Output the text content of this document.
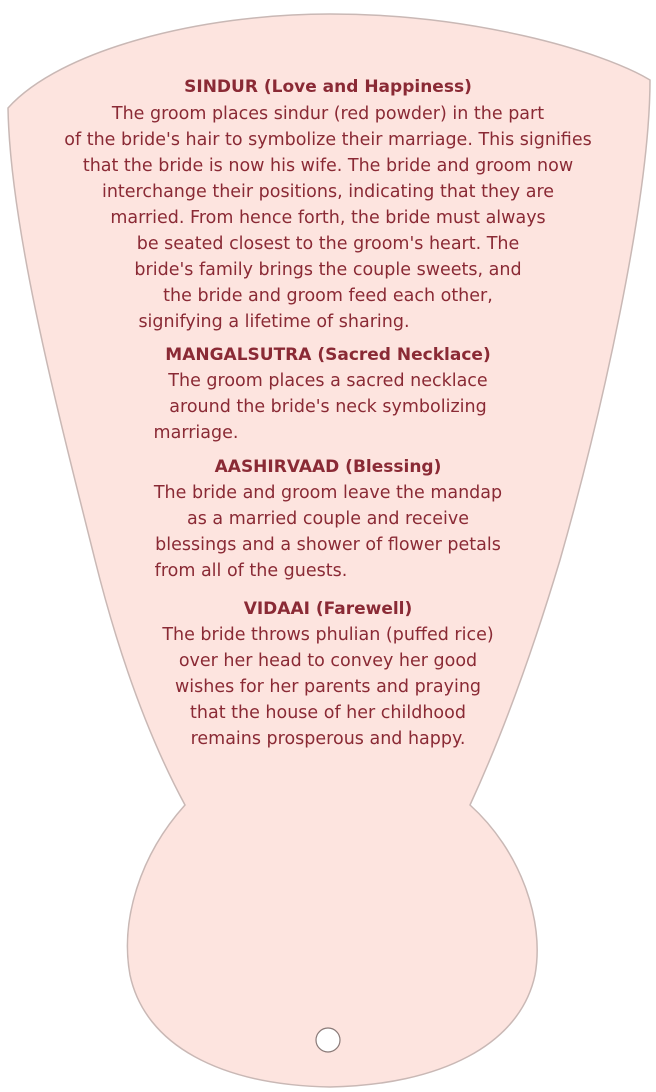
SINDUR (Love and Happiness)
The groom places sindur (red powder) in the part
of the bride's hair to symbolize their marriage. This signifies
that the bride is now his wife. The bride and groom now
interchange their positions, indicating that they are
married. From hence forth, the bride must always
be seated closest to the groom's heart. The
bride's family brings the couple sweets, and
the bride and groom feed each other,
signifying a lifetime of sharing.
MANGALSUTRA (Sacred Necklace)
The groom places a sacred necklace
around the bride's neck symbolizing
marriage.
AASHIRVAAD (Blessing)
The bride and groom leave the mandap
as a married couple and receive
blessings and a shower of flower petals
from all of the guests.
VIDAAI (Farewell)
The bride throws phulian (puffed rice)
over her head to convey her good
wishes for her parents and praying
that the house of her childhood
remains prosperous and happy.
